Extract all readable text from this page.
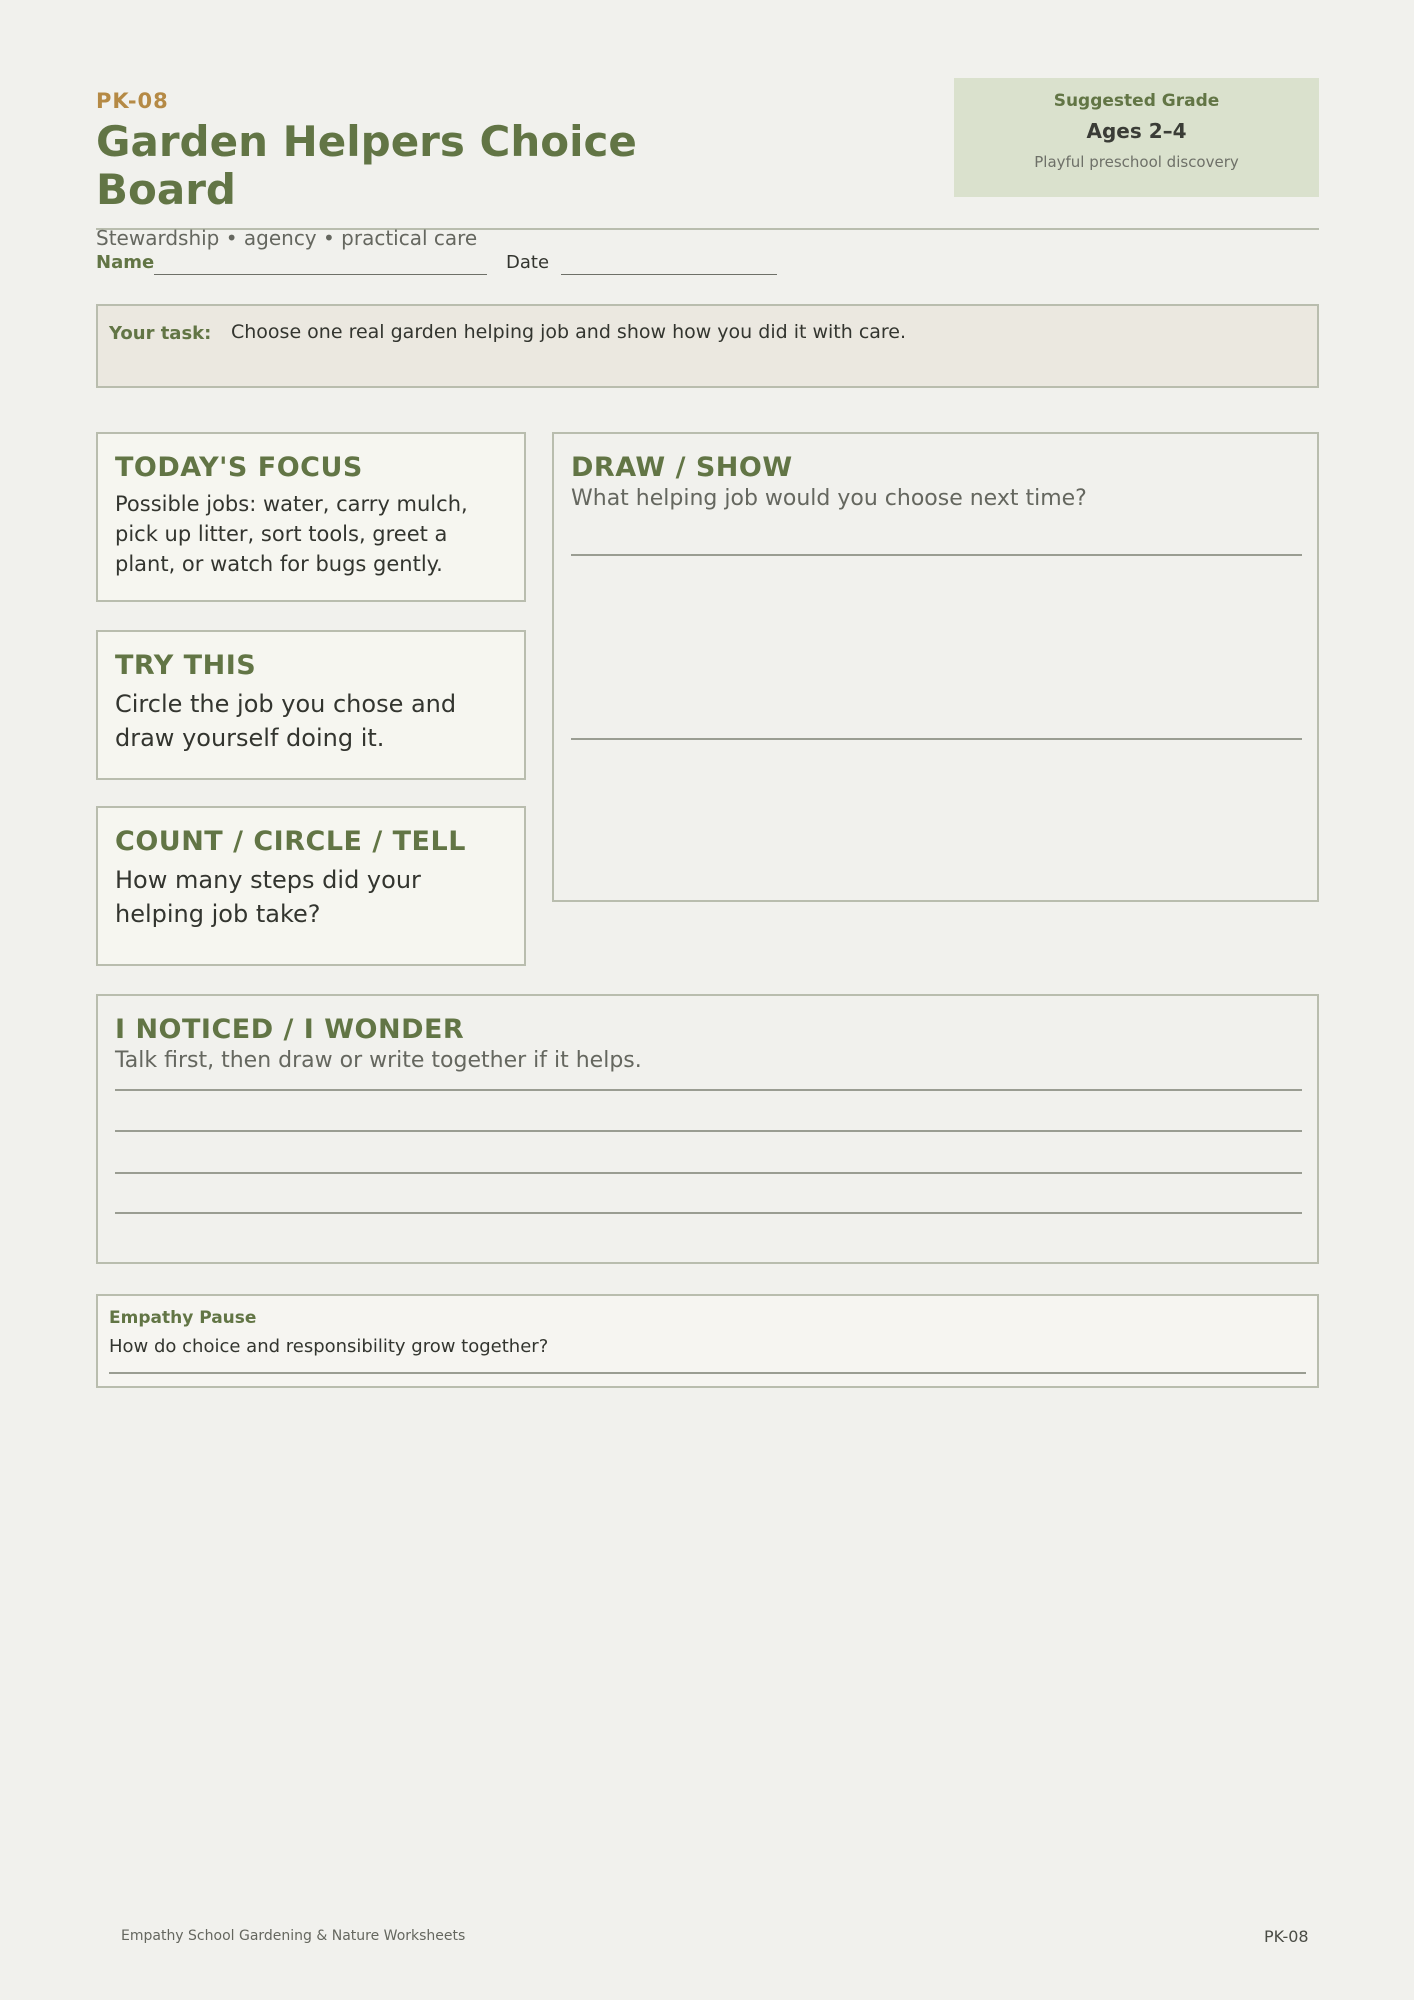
PK-08
Garden Helpers Choice Board
Stewardship • agency • practical care
Suggested Grade
Ages 2–4
Playful preschool discovery
Name	Date
Your task: Choose one real garden helping job and show how you did it with care.
TODAY'S FOCUS
Possible jobs: water, carry mulch, pick up litter, sort tools, greet a plant, or watch for bugs gently.
TRY THIS
Circle the job you chose and draw yourself doing it.
COUNT / CIRCLE / TELL
How many steps did your helping job take?
DRAW / SHOW
What helping job would you choose next time?
I NOTICED / I WONDER
Talk first, then draw or write together if it helps.
Empathy Pause
How do choice and responsibility grow together?
Empathy School Gardening & Nature Worksheets	PK-08
